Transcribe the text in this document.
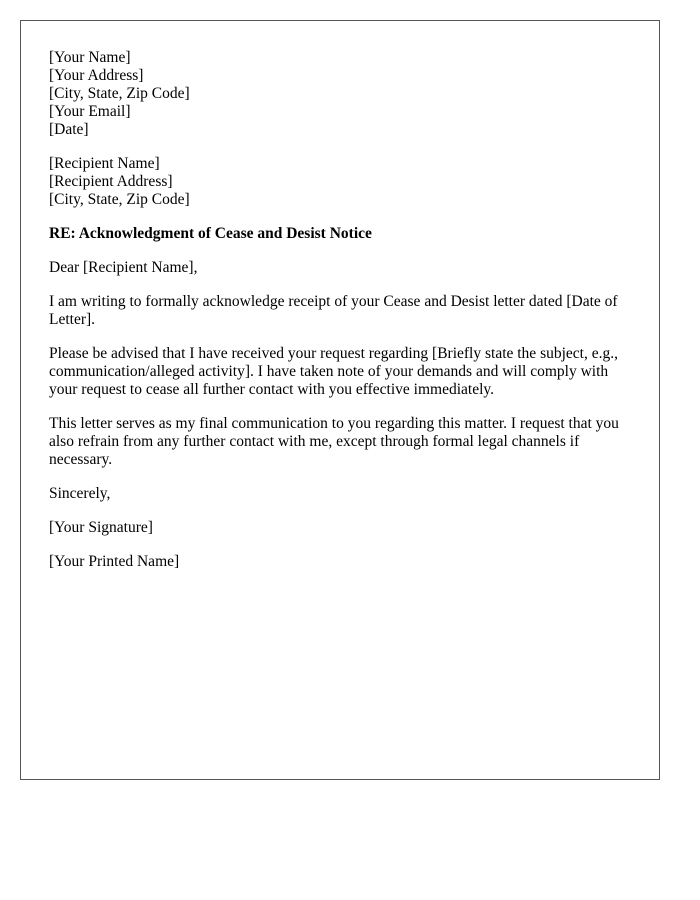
[Your Name]
[Your Address]
[City, State, Zip Code]
[Your Email]
[Date]
[Recipient Name]
[Recipient Address]
[City, State, Zip Code]

RE: Acknowledgment of Cease and Desist Notice

Dear [Recipient Name],

I am writing to formally acknowledge receipt of your Cease and Desist letter dated [Date of Letter].

Please be advised that I have received your request regarding [Briefly state the subject, e.g., communication/alleged activity]. I have taken note of your demands and will comply with your request to cease all further contact with you effective immediately.

This letter serves as my final communication to you regarding this matter. I request that you also refrain from any further contact with me, except through formal legal channels if necessary.

Sincerely,

[Your Signature]

[Your Printed Name]
